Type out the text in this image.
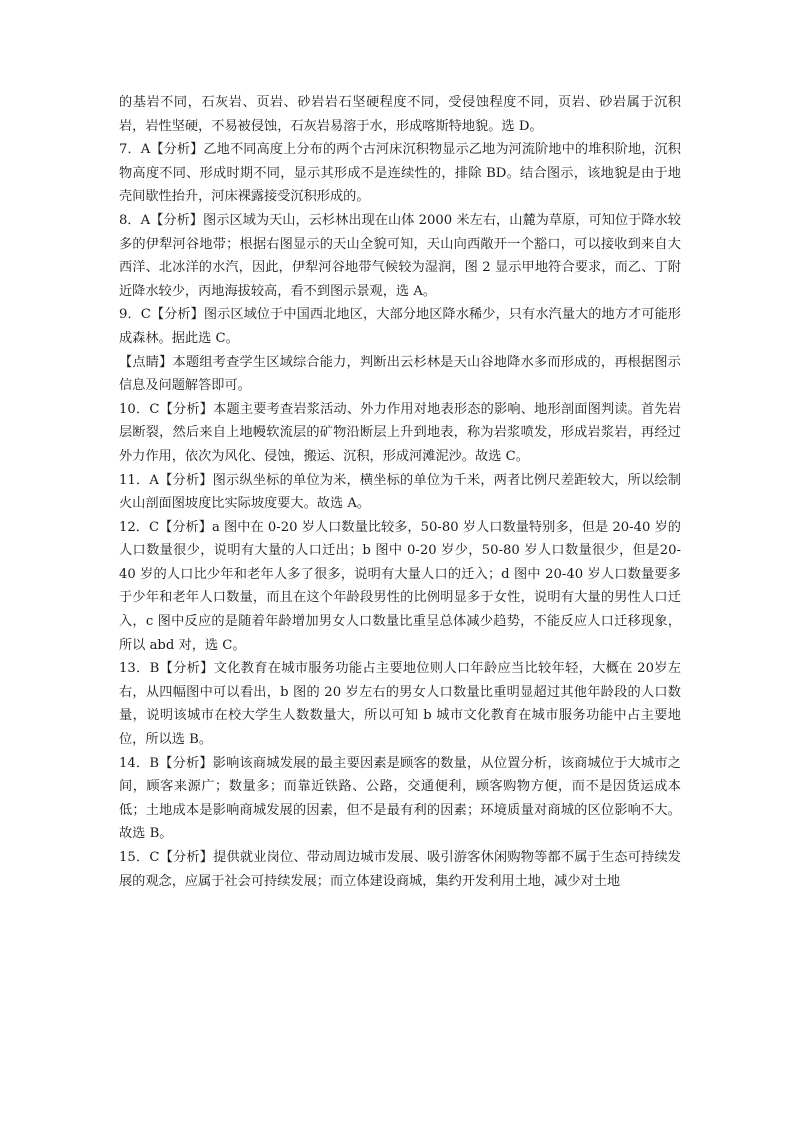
的基岩不同，石灰岩、页岩、砂岩岩石坚硬程度不同，受侵蚀程度不同，页岩、砂岩属于沉积岩，岩性坚硬，不易被侵蚀，石灰岩易溶于水，形成喀斯特地貌。选 D。

7．A【分析】乙地不同高度上分布的两个古河床沉积物显示乙地为河流阶地中的堆积阶地，沉积物高度不同、形成时期不同，显示其形成不是连续性的，排除 BD。结合图示，该地貌是由于地壳间歇性抬升，河床裸露接受沉积形成的。

8．A【分析】图示区域为天山，云杉林出现在山体 2000 米左右，山麓为草原，可知位于降水较多的伊犁河谷地带；根据右图显示的天山全貌可知，天山向西敞开一个豁口，可以接收到来自大西洋、北冰洋的水汽，因此，伊犁河谷地带气候较为湿润，图 2 显示甲地符合要求，而乙、丁附近降水较少，丙地海拔较高，看不到图示景观，选 A。

9．C【分析】图示区域位于中国西北地区，大部分地区降水稀少，只有水汽量大的地方才可能形成森林。据此选 C。

【点睛】本题组考查学生区域综合能力，判断出云杉林是天山谷地降水多而形成的，再根据图示信息及问题解答即可。

10．C【分析】本题主要考查岩浆活动、外力作用对地表形态的影响、地形剖面图判读。首先岩层断裂，然后来自上地幔软流层的矿物沿断层上升到地表，称为岩浆喷发，形成岩浆岩，再经过外力作用，依次为风化、侵蚀，搬运、沉积，形成河滩泥沙。故选 C。

11．A【分析】图示纵坐标的单位为米，横坐标的单位为千米，两者比例尺差距较大，所以绘制火山剖面图坡度比实际坡度要大。故选 A。

12．C【分析】a 图中在 0-20 岁人口数量比较多，50-80 岁人口数量特别多，但是 20-40 岁的人口数量很少，说明有大量的人口迁出；b 图中 0-20 岁少，50-80 岁人口数量很少，但是20-40 岁的人口比少年和老年人多了很多，说明有大量人口的迁入；d 图中 20-40 岁人口数量要多于少年和老年人口数量，而且在这个年龄段男性的比例明显多于女性，说明有大量的男性人口迁入，c 图中反应的是随着年龄增加男女人口数量比重呈总体减少趋势，不能反应人口迁移现象，所以 abd 对，选 C。

13．B【分析】文化教育在城市服务功能占主要地位则人口年龄应当比较年轻，大概在 20岁左右，从四幅图中可以看出，b 图的 20 岁左右的男女人口数量比重明显超过其他年龄段的人口数量，说明该城市在校大学生人数数量大，所以可知 b 城市文化教育在城市服务功能中占主要地位，所以选 B。

14．B【分析】影响该商城发展的最主要因素是顾客的数量，从位置分析，该商城位于大城市之间，顾客来源广；数量多；而靠近铁路、公路，交通便利，顾客购物方便，而不是因货运成本低；土地成本是影响商城发展的因素，但不是最有利的因素；环境质量对商城的区位影响不大。故选 B。

15．C【分析】提供就业岗位、带动周边城市发展、吸引游客休闲购物等都不属于生态可持续发展的观念，应属于社会可持续发展；而立体建设商城，集约开发利用土地，减少对土地
